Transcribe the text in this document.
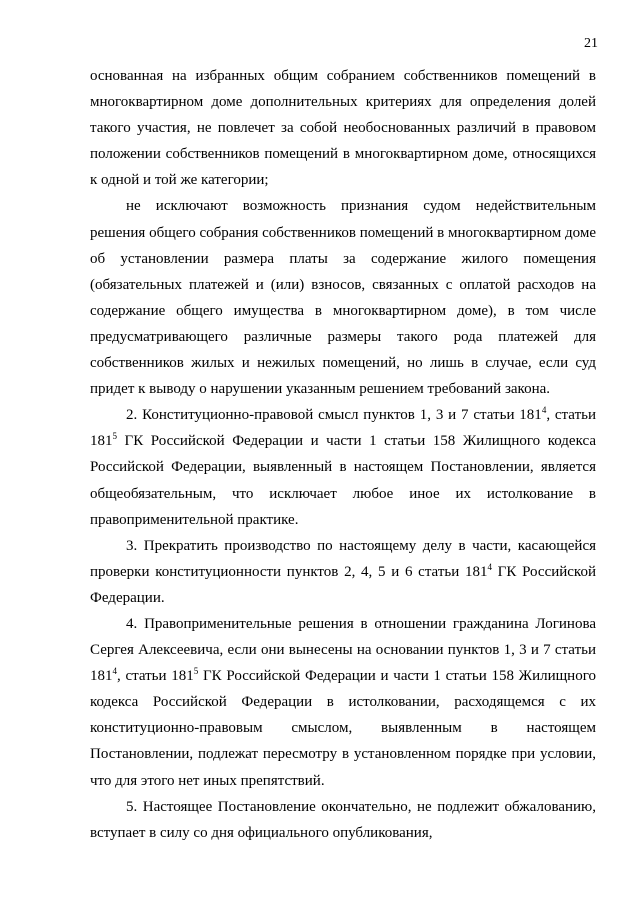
21

основанная на избранных общим собранием собственников помещений в многоквартирном доме дополнительных критериях для определения долей такого участия, не повлечет за собой необоснованных различий в правовом положении собственников помещений в многоквартирном доме, относящихся к одной и той же категории;

не исключают возможность признания судом недействительным решения общего собрания собственников помещений в многоквартирном доме об установлении размера платы за содержание жилого помещения (обязательных платежей и (или) взносов, связанных с оплатой расходов на содержание общего имущества в многоквартирном доме), в том числе предусматривающего различные размеры такого рода платежей для собственников жилых и нежилых помещений, но лишь в случае, если суд придет к выводу о нарушении указанным решением требований закона.

2. Конституционно-правовой смысл пунктов 1, 3 и 7 статьи $181^4$, статьи $181^5$ ГК Российской Федерации и части 1 статьи 158 Жилищного кодекса Российской Федерации, выявленный в настоящем Постановлении, является общеобязательным, что исключает любое иное их истолкование в правоприменительной практике.

3. Прекратить производство по настоящему делу в части, касающейся проверки конституционности пунктов 2, 4, 5 и 6 статьи $181^4$ ГК Российской Федерации.

4. Правоприменительные решения в отношении гражданина Логинова Сергея Алексеевича, если они вынесены на основании пунктов 1, 3 и 7 статьи $181^4$, статьи $181^5$ ГК Российской Федерации и части 1 статьи 158 Жилищного кодекса Российской Федерации в истолковании, расходящемся с их конституционно-правовым смыслом, выявленным в настоящем Постановлении, подлежат пересмотру в установленном порядке при условии, что для этого нет иных препятствий.

5. Настоящее Постановление окончательно, не подлежит обжалованию, вступает в силу со дня официального опубликования,
